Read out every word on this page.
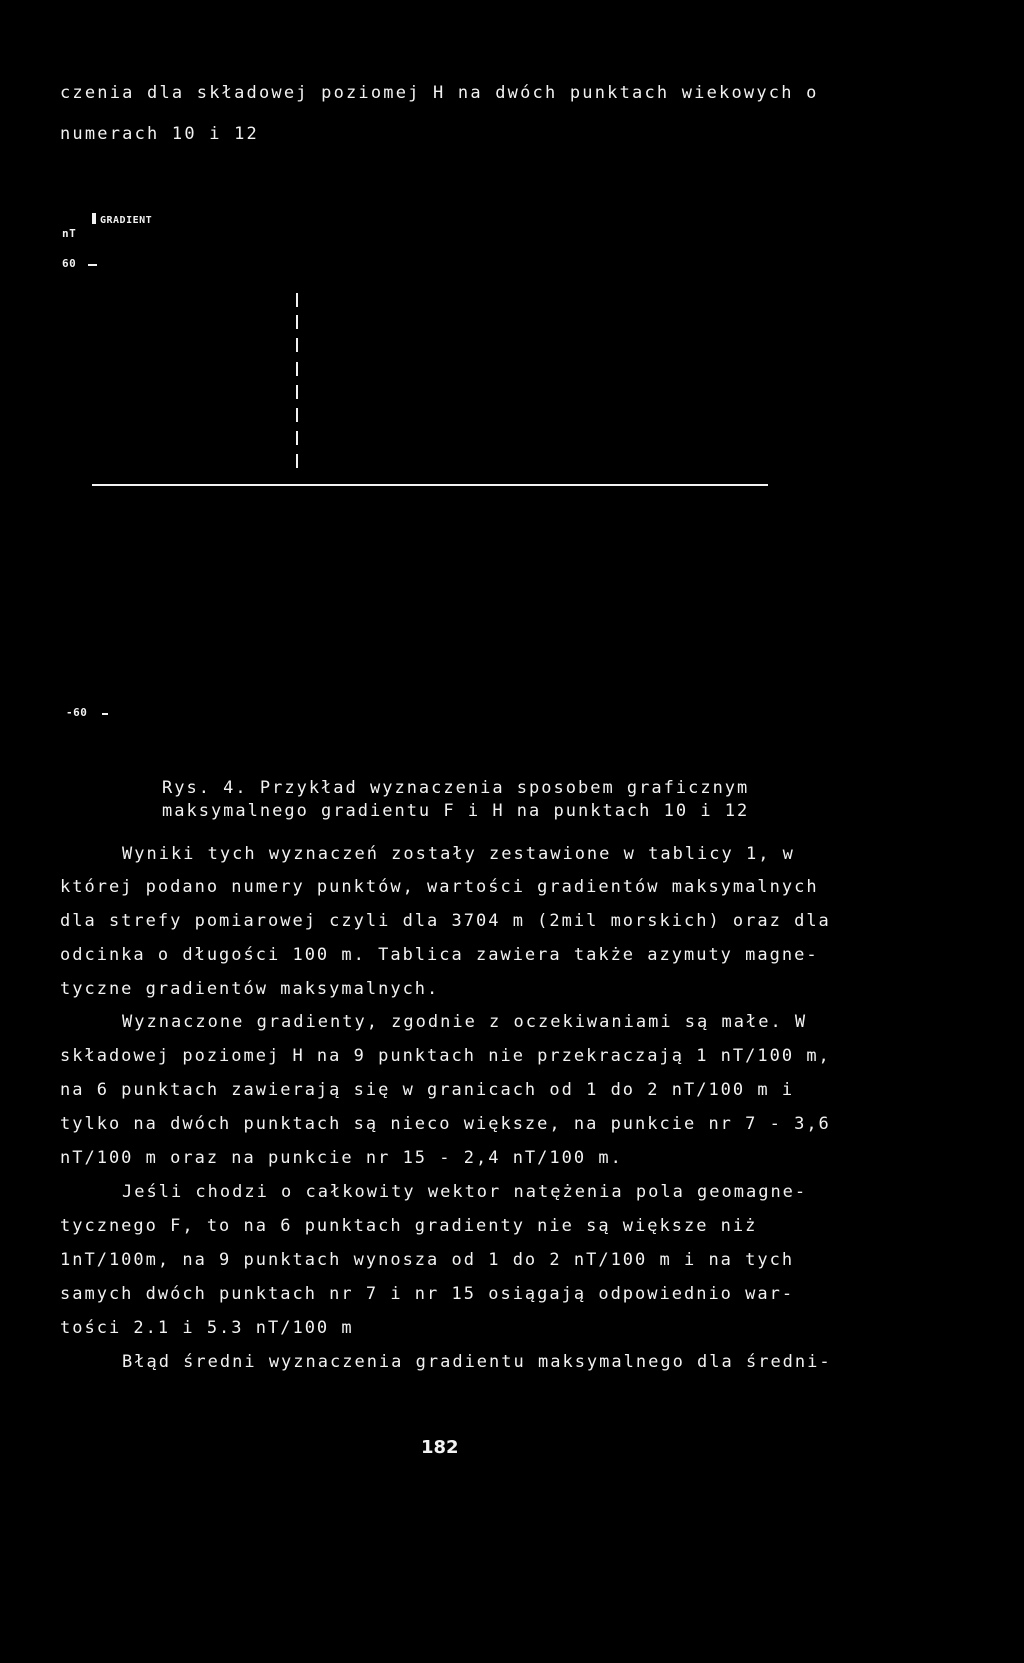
czenia dla składowej poziomej H na dwóch punktach wiekowych o
numerach 10 i 12
GRADIENT
nT
60
-60
Rys. 4. Przykład wyznaczenia sposobem graficznym
maksymalnego gradientu F i H na punktach 10 i 12
Wyniki tych wyznaczeń zostały zestawione w tablicy 1, w
której podano numery punktów, wartości gradientów maksymalnych
dla strefy pomiarowej czyli dla 3704 m (2mil morskich) oraz dla
odcinka o długości 100 m. Tablica zawiera także azymuty magne-
tyczne gradientów maksymalnych.
Wyznaczone gradienty, zgodnie z oczekiwaniami są małe. W
składowej poziomej H na 9 punktach nie przekraczają 1 nT/100 m,
na 6 punktach zawierają się w granicach od 1 do 2 nT/100 m i
tylko na dwóch punktach są nieco większe, na punkcie nr 7 - 3,6
nT/100 m oraz na punkcie nr 15 - 2,4 nT/100 m.
Jeśli chodzi o całkowity wektor natężenia pola geomagne-
tycznego F, to na 6 punktach gradienty nie są większe niż
1nT/100m, na 9 punktach wynosza od 1 do 2 nT/100 m i na tych
samych dwóch punktach nr 7 i nr 15 osiągają odpowiednio war-
tości 2.1 i 5.3 nT/100 m
Błąd średni wyznaczenia gradientu maksymalnego dla średni-
182
